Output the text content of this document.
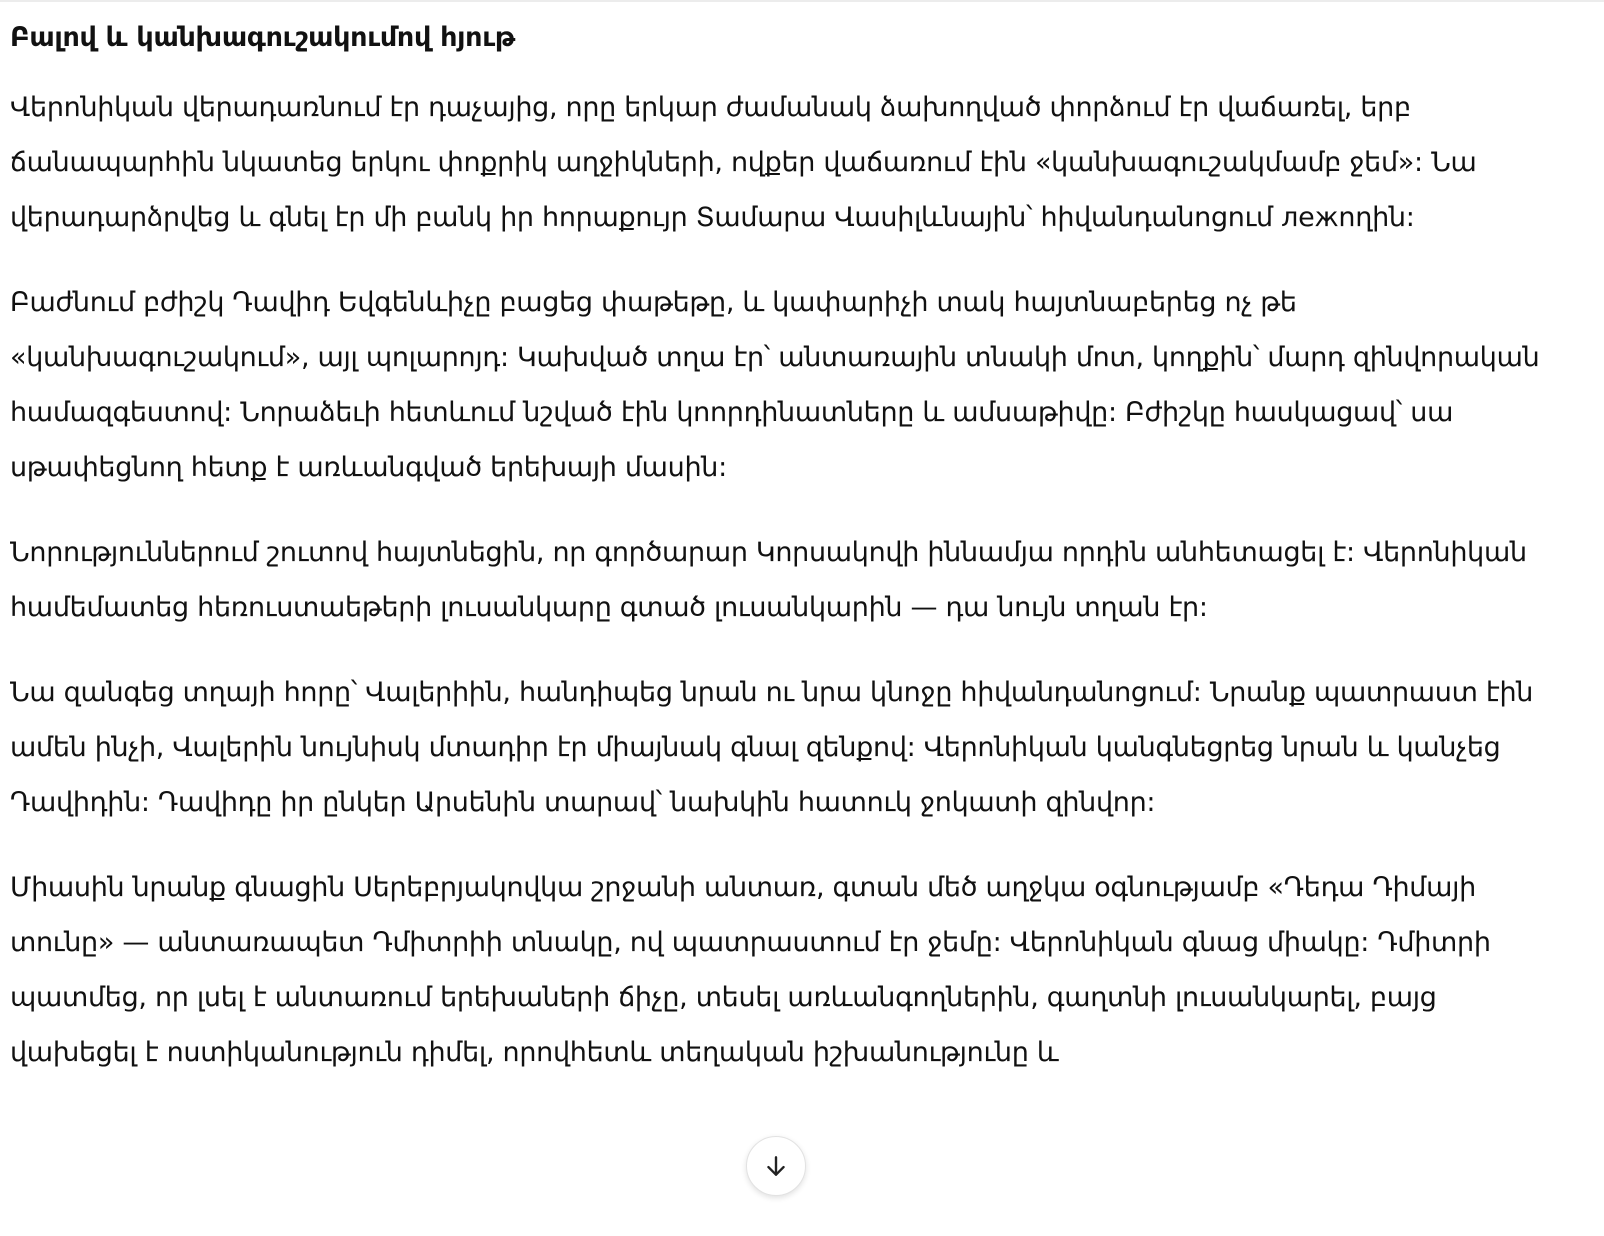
Բալով և կանխագուշակումով հյութ

Վերոնիկան վերադառնում էր դաչայից, որը երկար ժամանակ ձախողված փորձում էր վաճառել, երբ ճանապարհին նկատեց երկու փոքրիկ աղջիկների, ովքեր վաճառում էին «կանխագուշակմամբ ջեմ»: Նա վերադարձրվեց և գնել էր մի բանկ իր հորաքույր Տամարա Վասիլևնային՝ հիվանդանոցում лежողին:

Բաժնում բժիշկ Դավիդ Եվգենևիչը բացեց փաթեթը, և կափարիչի տակ հայտնաբերեց ոչ թե «կանխագուշակում», այլ պոլարոյդ: Կախված տղա էր՝ անտառային տնակի մոտ, կողքին՝ մարդ զինվորական համազգեստով: Նորաձեւի հետևում նշված էին կոորդինատները և ամսաթիվը: Բժիշկը հասկացավ՝ սա սթափեցնող հետք է առևանգված երեխայի մասին:

Նորություններում շուտով հայտնեցին, որ գործարար Կորսակովի իննամյա որդին անհետացել է: Վերոնիկան համեմատեց հեռուստաեթերի լուսանկարը գտած լուսանկարին — դա նույն տղան էր:

Նա զանգեց տղայի հորը՝ Վալերիին, հանդիպեց նրան ու նրա կնոջը հիվանդանոցում: Նրանք պատրաստ էին ամեն ինչի, Վալերին նույնիսկ մտադիր էր միայնակ գնալ զենքով: Վերոնիկան կանգնեցրեց նրան և կանչեց Դավիդին: Դավիդը իր ընկեր Արսենին տարավ՝ նախկին հատուկ ջոկատի զինվոր:

Միասին նրանք գնացին Սերեբրյակովկա շրջանի անտառ, գտան մեծ աղջկա օգնությամբ «Դեդա Դիմայի տունը» — անտառապետ Դմիտրիի տնակը, ով պատրաստում էր ջեմը: Վերոնիկան գնաց միակը: Դմիտրի պատմեց, որ լսել է անտառում երեխաների ճիչը, տեսել առևանգողներին, գաղտնի լուսանկարել, բայց վախեցել է ոստիկանություն դիմել, որովհետև տեղական իշխանությունը և
